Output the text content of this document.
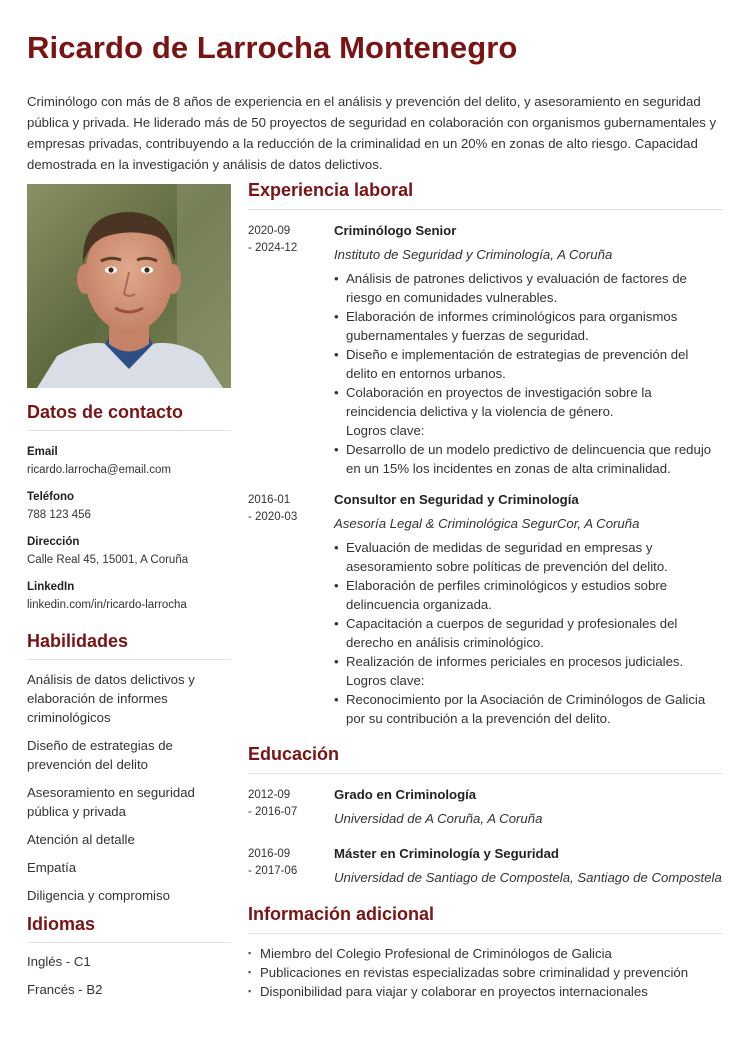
Ricardo de Larrocha Montenegro

Criminólogo con más de 8 años de experiencia en el análisis y prevención del delito, y asesoramiento en seguridad pública y privada. He liderado más de 50 proyectos de seguridad en colaboración con organismos gubernamentales y empresas privadas, contribuyendo a la reducción de la criminalidad en un 20% en zonas de alto riesgo. Capacidad demostrada en la investigación y análisis de datos delictivos.

Datos de contacto
Email
ricardo.larrocha@email.com
Teléfono
788 123 456
Dirección
Calle Real 45, 15001, A Coruña
LinkedIn
linkedin.com/in/ricardo-larrocha
Habilidades
Análisis de datos delictivos y elaboración de informes criminológicos
Diseño de estrategias de prevención del delito
Asesoramiento en seguridad pública y privada
Atención al detalle
Empatía
Diligencia y compromiso
Idiomas
Inglés - C1
Francés - B2
Experiencia laboral
2020-09
- 2024-12
Criminólogo Senior
Instituto de Seguridad y Criminología, A Coruña
• Análisis de patrones delictivos y evaluación de factores de riesgo en comunidades vulnerables.
• Elaboración de informes criminológicos para organismos gubernamentales y fuerzas de seguridad.
• Diseño e implementación de estrategias de prevención del delito en entornos urbanos.
• Colaboración en proyectos de investigación sobre la reincidencia delictiva y la violencia de género.
Logros clave:
• Desarrollo de un modelo predictivo de delincuencia que redujo en un 15% los incidentes en zonas de alta criminalidad.
2016-01
- 2020-03
Consultor en Seguridad y Criminología
Asesoría Legal & Criminológica SegurCor, A Coruña
• Evaluación de medidas de seguridad en empresas y asesoramiento sobre políticas de prevención del delito.
• Elaboración de perfiles criminológicos y estudios sobre delincuencia organizada.
• Capacitación a cuerpos de seguridad y profesionales del derecho en análisis criminológico.
• Realización de informes periciales en procesos judiciales.
Logros clave:
• Reconocimiento por la Asociación de Criminólogos de Galicia por su contribución a la prevención del delito.
Educación
2012-09
- 2016-07
Grado en Criminología
Universidad de A Coruña, A Coruña
2016-09
- 2017-06
Máster en Criminología y Seguridad
Universidad de Santiago de Compostela, Santiago de Compostela
Información adicional
▪ Miembro del Colegio Profesional de Criminólogos de Galicia
▪ Publicaciones en revistas especializadas sobre criminalidad y prevención
▪ Disponibilidad para viajar y colaborar en proyectos internacionales
